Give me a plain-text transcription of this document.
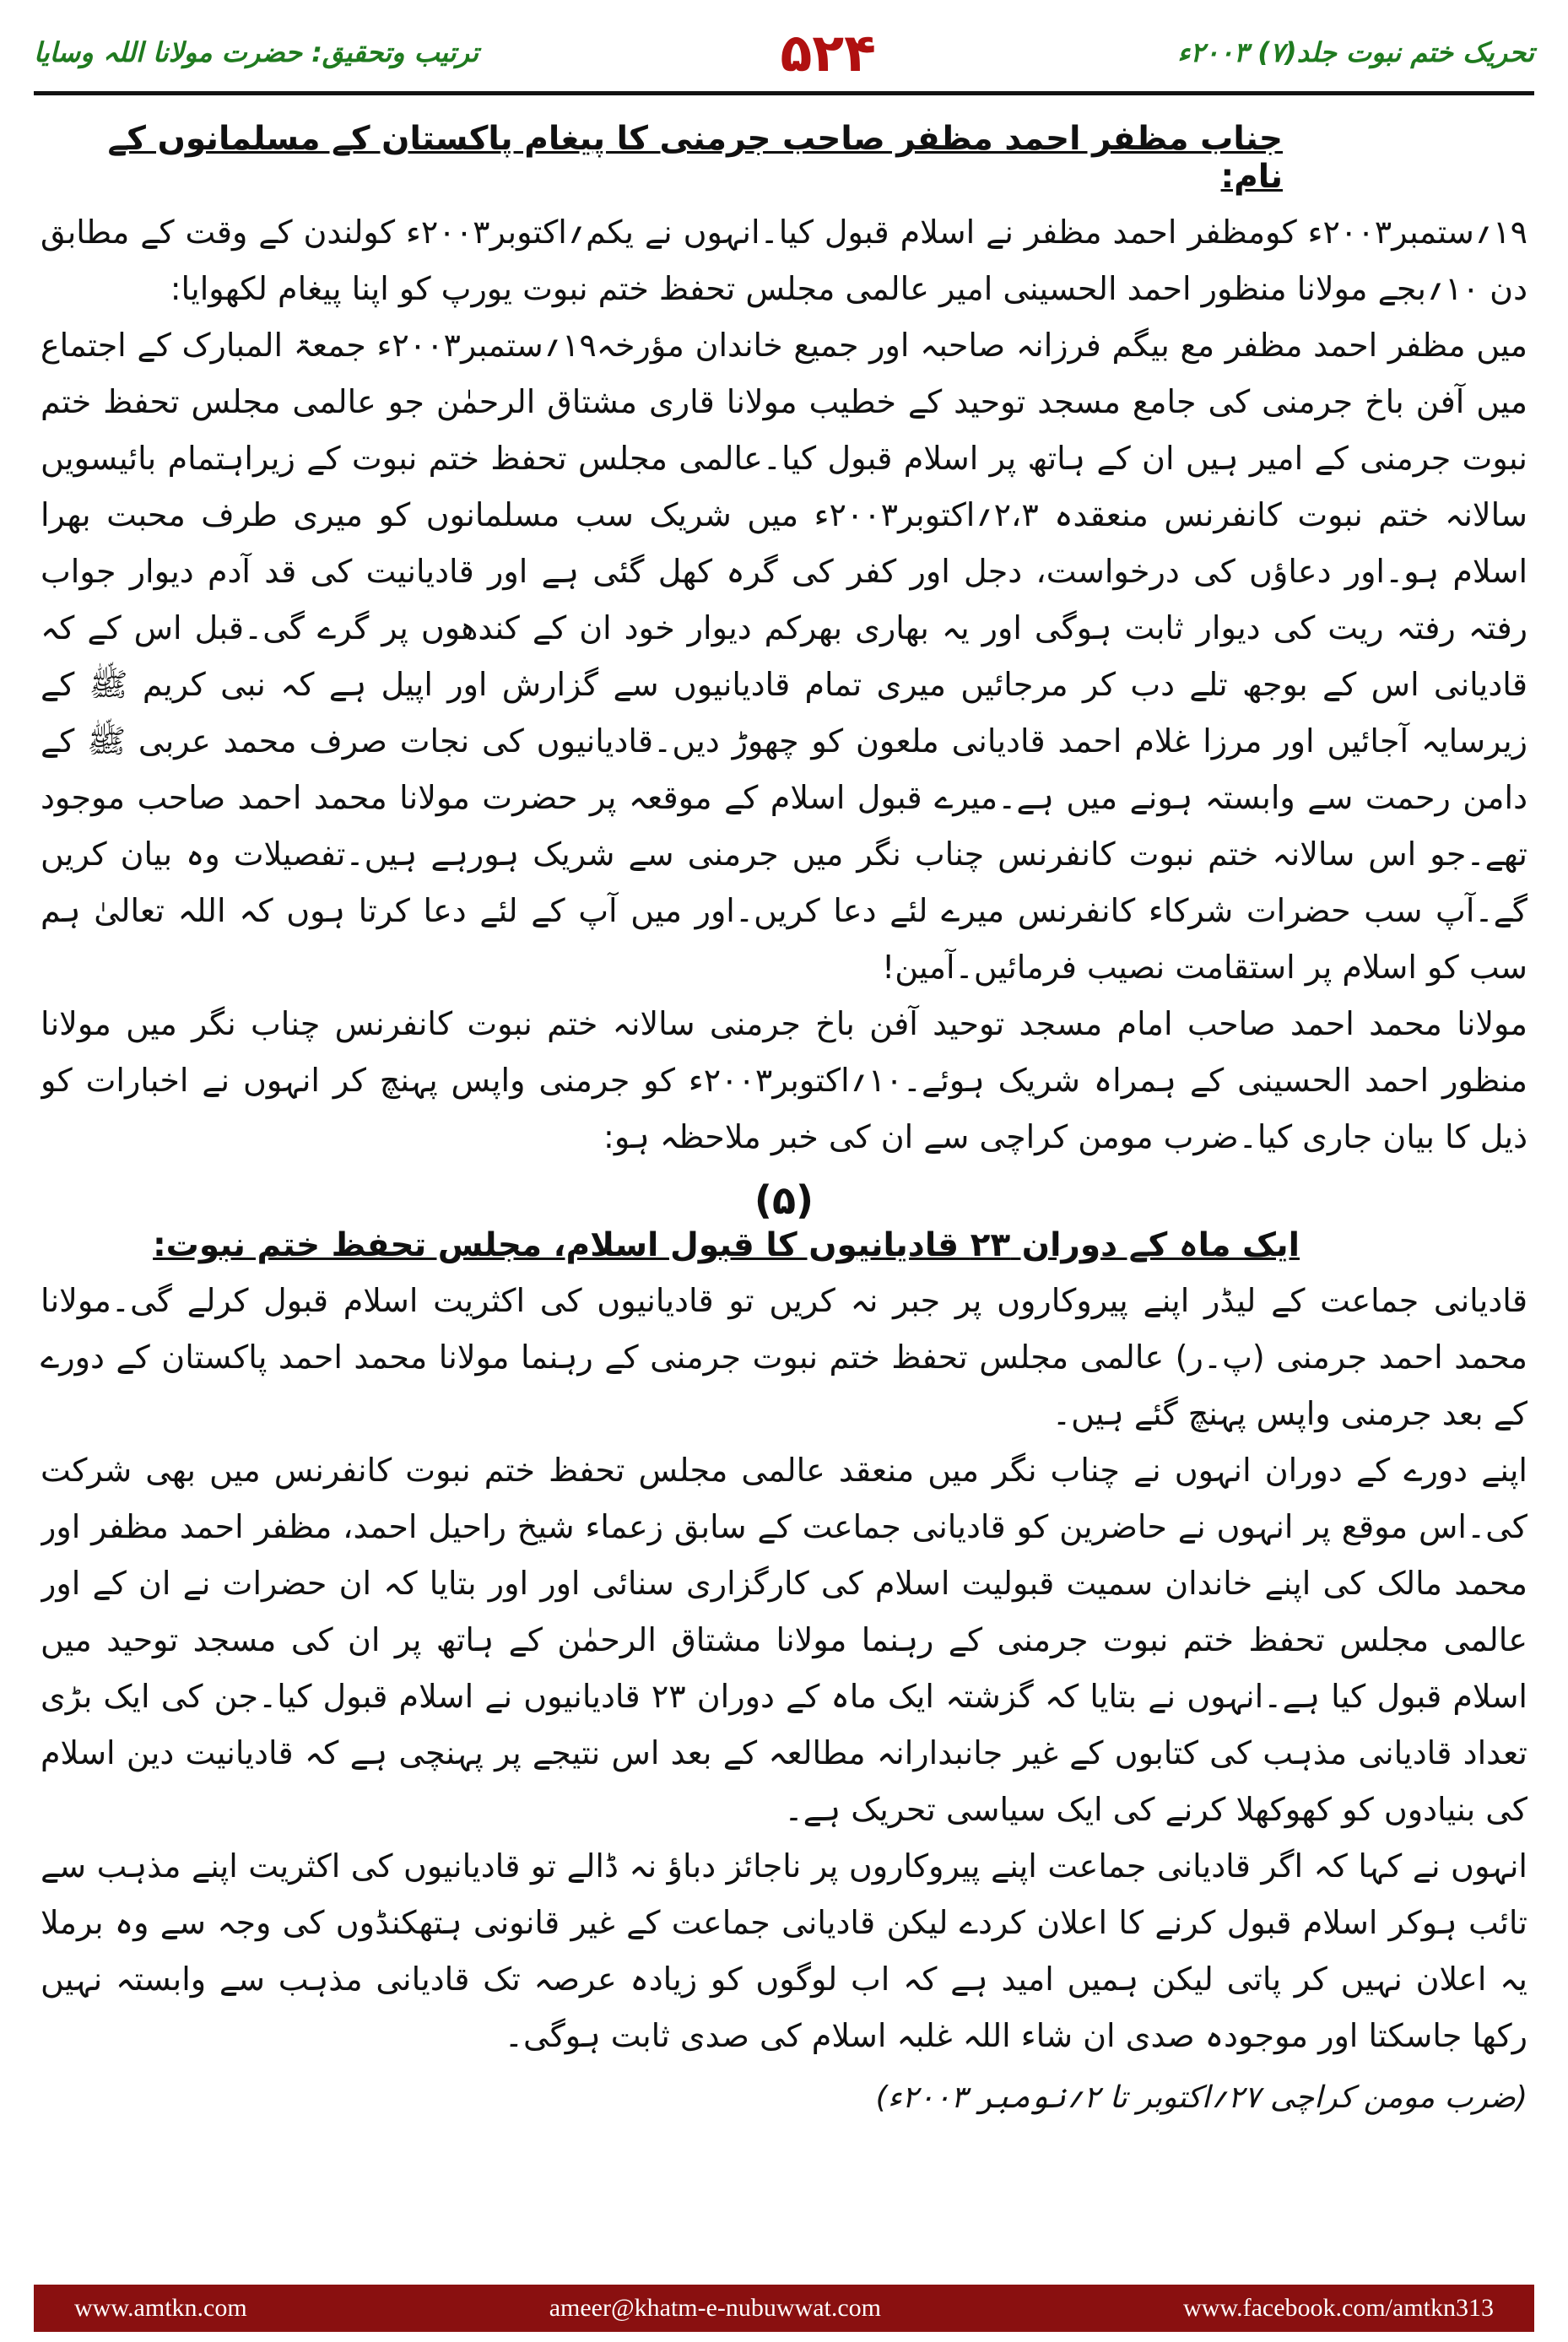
ترتیب وتحقیق: حضرت مولانا اللہ وسایا	۵۲۴	تحریک ختم نبوت جلد(۷) ۲۰۰۳ء
جناب مظفر احمد مظفر صاحب جرمنی کا پیغام پاکستان کے مسلمانوں کے نام:

۱۹؍ستمبر۲۰۰۳ء کومظفر احمد مظفر نے اسلام قبول کیا۔انہوں نے یکم؍اکتوبر۲۰۰۳ء کولندن کے وقت کے مطابق دن ۱۰؍بجے مولانا منظور احمد الحسینی امیر عالمی مجلس تحفظ ختم نبوت یورپ کو اپنا پیغام لکھوایا:

میں مظفر احمد مظفر مع بیگم فرزانہ صاحبہ اور جمیع خاندان مؤرخہ۱۹؍ستمبر۲۰۰۳ء جمعۃ المبارک کے اجتماع میں آفن باخ جرمنی کی جامع مسجد توحید کے خطیب مولانا قاری مشتاق الرحمٰن جو عالمی مجلس تحفظ ختم نبوت جرمنی کے امیر ہیں ان کے ہاتھ پر اسلام قبول کیا۔عالمی مجلس تحفظ ختم نبوت کے زیراہتمام بائیسویں سالانہ ختم نبوت کانفرنس منعقدہ ۲،۳؍اکتوبر۲۰۰۳ء میں شریک سب مسلمانوں کو میری طرف محبت بھرا اسلام ہو۔اور دعاؤں کی درخواست، دجل اور کفر کی گرہ کھل گئی ہے اور قادیانیت کی قد آدم دیوار جواب رفتہ رفتہ ریت کی دیوار ثابت ہوگی اور یہ بھاری بھرکم دیوار خود ان کے کندھوں پر گرے گی۔قبل اس کے کہ قادیانی اس کے بوجھ تلے دب کر مرجائیں میری تمام قادیانیوں سے گزارش اور اپیل ہے کہ نبی کریم ﷺ کے زیرسایہ آجائیں اور مرزا غلام احمد قادیانی ملعون کو چھوڑ دیں۔قادیانیوں کی نجات صرف محمد عربی ﷺ کے دامن رحمت سے وابستہ ہونے میں ہے۔میرے قبول اسلام کے موقعہ پر حضرت مولانا محمد احمد صاحب موجود تھے۔جو اس سالانہ ختم نبوت کانفرنس چناب نگر میں جرمنی سے شریک ہورہے ہیں۔تفصیلات وہ بیان کریں گے۔آپ سب حضرات شرکاء کانفرنس میرے لئے دعا کریں۔اور میں آپ کے لئے دعا کرتا ہوں کہ اللہ تعالیٰ ہم سب کو اسلام پر استقامت نصیب فرمائیں۔آمین!

مولانا محمد احمد صاحب امام مسجد توحید آفن باخ جرمنی سالانہ ختم نبوت کانفرنس چناب نگر میں مولانا منظور احمد الحسینی کے ہمراہ شریک ہوئے۔۱۰؍اکتوبر۲۰۰۳ء کو جرمنی واپس پہنچ کر انہوں نے اخبارات کو ذیل کا بیان جاری کیا۔ضرب مومن کراچی سے ان کی خبر ملاحظہ ہو:

(۵)
ایک ماہ کے دوران ۲۳ قادیانیوں کا قبول اسلام، مجلس تحفظ ختم نبوت:

قادیانی جماعت کے لیڈر اپنے پیروکاروں پر جبر نہ کریں تو قادیانیوں کی اکثریت اسلام قبول کرلے گی۔مولانا محمد احمد جرمنی (پ۔ر) عالمی مجلس تحفظ ختم نبوت جرمنی کے رہنما مولانا محمد احمد پاکستان کے دورے کے بعد جرمنی واپس پہنچ گئے ہیں۔

اپنے دورے کے دوران انہوں نے چناب نگر میں منعقد عالمی مجلس تحفظ ختم نبوت کانفرنس میں بھی شرکت کی۔اس موقع پر انہوں نے حاضرین کو قادیانی جماعت کے سابق زعماء شیخ راحیل احمد، مظفر احمد مظفر اور محمد مالک کی اپنے خاندان سمیت قبولیت اسلام کی کارگزاری سنائی اور اور بتایا کہ ان حضرات نے ان کے اور عالمی مجلس تحفظ ختم نبوت جرمنی کے رہنما مولانا مشتاق الرحمٰن کے ہاتھ پر ان کی مسجد توحید میں اسلام قبول کیا ہے۔انہوں نے بتایا کہ گزشتہ ایک ماہ کے دوران ۲۳ قادیانیوں نے اسلام قبول کیا۔جن کی ایک بڑی تعداد قادیانی مذہب کی کتابوں کے غیر جانبدارانہ مطالعہ کے بعد اس نتیجے پر پہنچی ہے کہ قادیانیت دین اسلام کی بنیادوں کو کھوکھلا کرنے کی ایک سیاسی تحریک ہے۔

انہوں نے کہا کہ اگر قادیانی جماعت اپنے پیروکاروں پر ناجائز دباؤ نہ ڈالے تو قادیانیوں کی اکثریت اپنے مذہب سے تائب ہوکر اسلام قبول کرنے کا اعلان کردے لیکن قادیانی جماعت کے غیر قانونی ہتھکنڈوں کی وجہ سے وہ برملا یہ اعلان نہیں کر پاتی لیکن ہمیں امید ہے کہ اب لوگوں کو زیادہ عرصہ تک قادیانی مذہب سے وابستہ نہیں رکھا جاسکتا اور موجودہ صدی ان شاء اللہ غلبہ اسلام کی صدی ثابت ہوگی۔

(ضرب مومن کراچی ۲۷؍اکتوبر تا ۲؍نومبر ۲۰۰۳ء)
www.amtkn.com	ameer@khatm-e-nubuwwat.com	www.facebook.com/amtkn313
